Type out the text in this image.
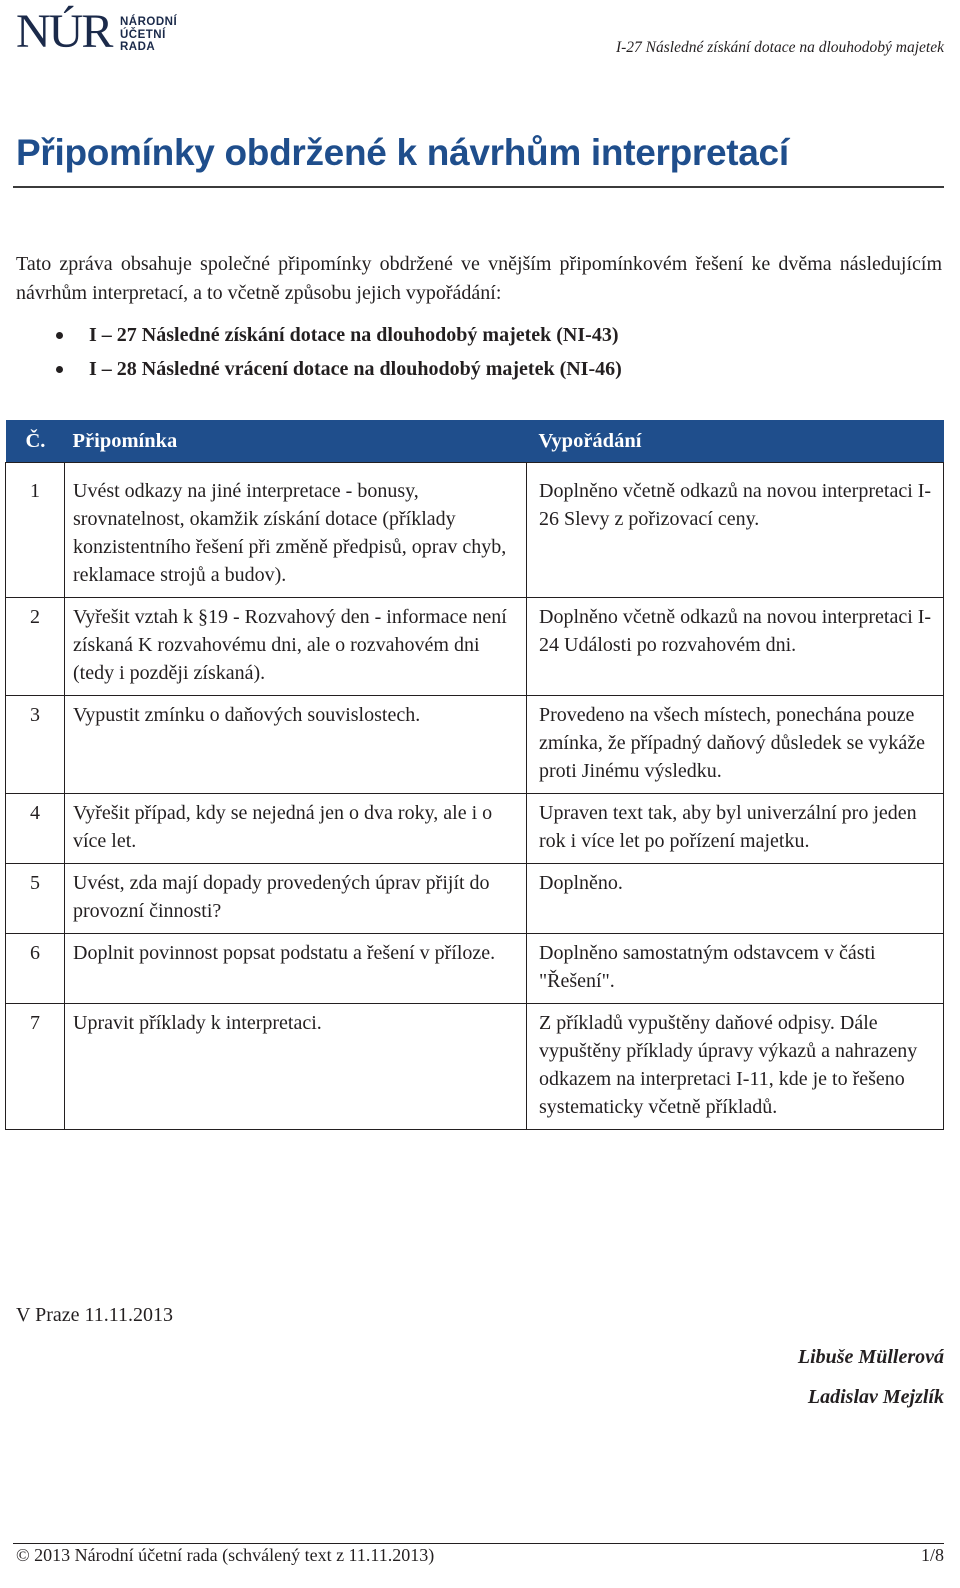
NÚR NÁRODNÍ
ÚČETNÍ
RADA	I-27 Následné získání dotace na dlouhodobý majetek
Připomínky obdržené k návrhům interpretací

Tato zpráva obsahuje společné připomínky obdržené ve vnějším připomínkovém řešení ke dvěma následujícím návrhům interpretací, a to včetně způsobu jejich vypořádání:

I – 27 Následné získání dotace na dlouhodobý majetek (NI-43)
I – 28 Následné vrácení dotace na dlouhodobý majetek (NI-46)
Č.	Připomínka	Vypořádání
1	Uvést odkazy na jiné interpretace - bonusy, srovnatelnost, okamžik získání dotace (příklady konzistentního řešení při změně předpisů, oprav chyb, reklamace strojů a budov).	Doplněno včetně odkazů na novou interpretaci I-26 Slevy z pořizovací ceny.
2	Vyřešit vztah k §19 - Rozvahový den - informace není získaná K rozvahovému dni, ale o rozvahovém dni (tedy i později získaná).	Doplněno včetně odkazů na novou interpretaci I-24 Události po rozvahovém dni.
3	Vypustit zmínku o daňových souvislostech.	Provedeno na všech místech, ponechána pouze zmínka, že případný daňový důsledek se vykáže proti Jinému výsledku.
4	Vyřešit případ, kdy se nejedná jen o dva roky, ale i o více let.	Upraven text tak, aby byl univerzální pro jeden rok i více let po pořízení majetku.
5	Uvést, zda mají dopady provedených úprav přijít do provozní činnosti?	Doplněno.
6	Doplnit povinnost popsat podstatu a řešení v příloze.	Doplněno samostatným odstavcem v části "Řešení".
7	Upravit příklady k interpretaci.	Z příkladů vypuštěny daňové odpisy. Dále vypuštěny příklady úpravy výkazů a nahrazeny odkazem na interpretaci I-11, kde je to řešeno systematicky včetně příkladů.
V Praze 11.11.2013
Libuše Müllerová
Ladislav Mejzlík
© 2013 Národní účetní rada (schválený text z 11.11.2013)	1/8
